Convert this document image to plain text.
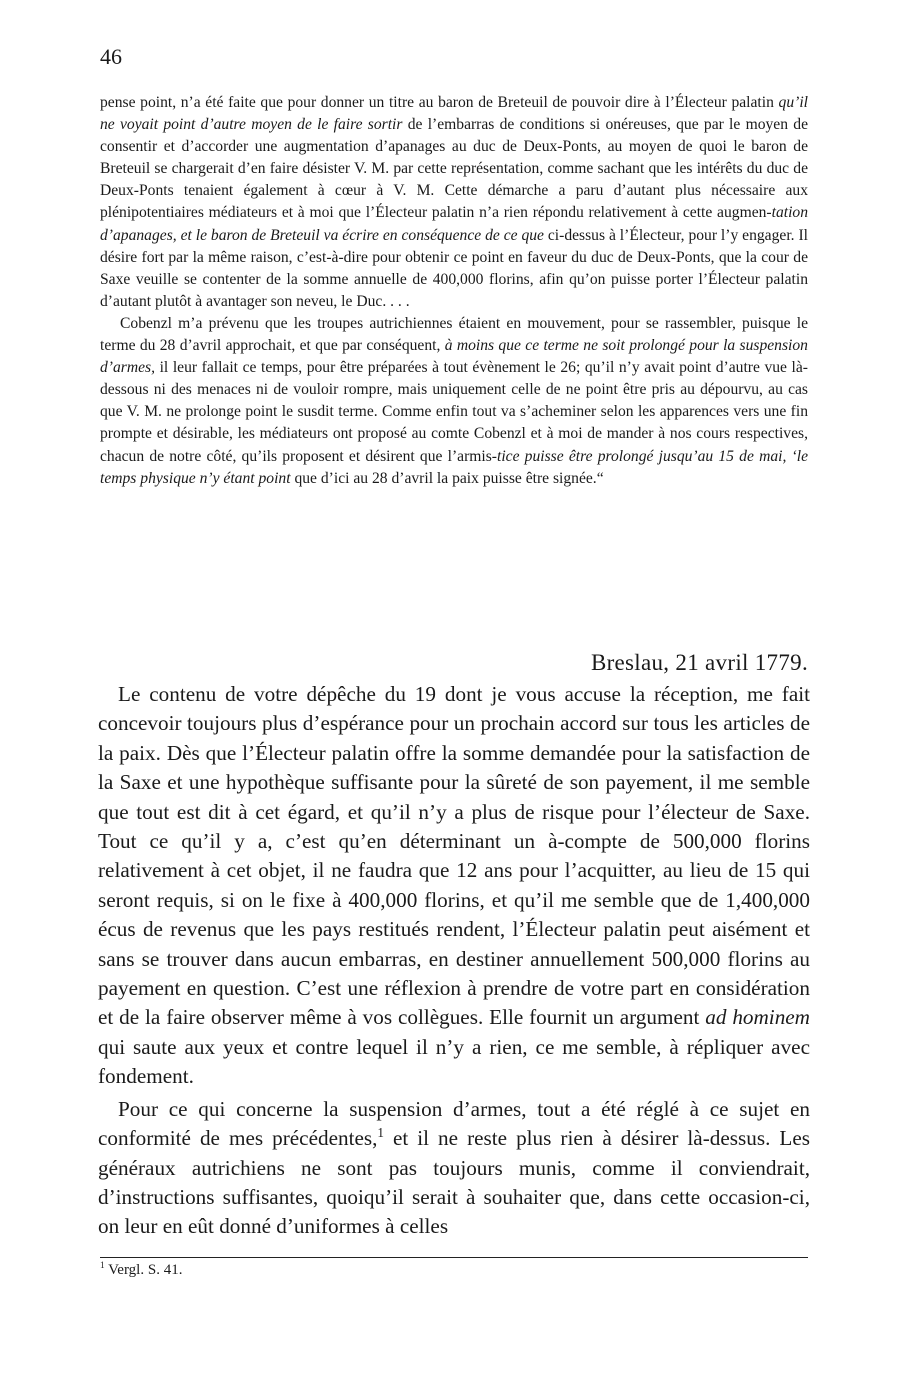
46

pense point, n’a été faite que pour donner un titre au baron de Breteuil de pouvoir dire à l’Électeur palatin qu’il ne voyait point d’autre moyen de le faire sortir de l’embarras de conditions si onéreuses, que par le moyen de consentir et d’accorder une augmentation d’apanages au duc de Deux-Ponts, au moyen de quoi le baron de Breteuil se chargerait d’en faire désister V. M. par cette représentation, comme sachant que les intérêts du duc de Deux-Ponts tenaient également à cœur à V. M. Cette démarche a paru d’autant plus nécessaire aux plénipotentiaires médiateurs et à moi que l’Électeur palatin n’a rien répondu relativement à cette augmen-tation d’apanages, et le baron de Breteuil va écrire en conséquence de ce que ci-dessus à l’Électeur, pour l’y engager. Il désire fort par la même raison, c’est-à-dire pour obtenir ce point en faveur du duc de Deux-Ponts, que la cour de Saxe veuille se contenter de la somme annuelle de 400,000 florins, afin qu’on puisse porter l’Électeur palatin d’autant plutôt à avantager son neveu, le Duc. . . .

Cobenzl m’a prévenu que les troupes autrichiennes étaient en mouvement, pour se rassembler, puisque le terme du 28 d’avril approchait, et que par conséquent, à moins que ce terme ne soit prolongé pour la suspension d’armes, il leur fallait ce temps, pour être préparées à tout évènement le 26; qu’il n’y avait point d’autre vue là-dessous ni des menaces ni de vouloir rompre, mais uniquement celle de ne point être pris au dépourvu, au cas que V. M. ne prolonge point le susdit terme. Comme enfin tout va s’acheminer selon les apparences vers une fin prompte et désirable, les médiateurs ont proposé au comte Cobenzl et à moi de mander à nos cours respectives, chacun de notre côté, qu’ils proposent et désirent que l’armis-tice puisse être prolongé jusqu’au 15 de mai, ‘le temps physique n’y étant point que d’ici au 28 d’avril la paix puisse être signée.“

Breslau, 21 avril 1779.

Le contenu de votre dépêche du 19 dont je vous accuse la réception, me fait concevoir toujours plus d’espérance pour un prochain accord sur tous les articles de la paix. Dès que l’Électeur palatin offre la somme demandée pour la satisfaction de la Saxe et une hypothèque suffisante pour la sûreté de son payement, il me semble que tout est dit à cet égard, et qu’il n’y a plus de risque pour l’électeur de Saxe. Tout ce qu’il y a, c’est qu’en déterminant un à-compte de 500,000 florins relativement à cet objet, il ne faudra que 12 ans pour l’acquitter, au lieu de 15 qui seront requis, si on le fixe à 400,000 florins, et qu’il me semble que de 1,400,000 écus de revenus que les pays restitués rendent, l’Électeur palatin peut aisément et sans se trouver dans aucun embarras, en destiner annuellement 500,000 florins au payement en question. C’est une réflexion à prendre de votre part en considération et de la faire observer même à vos collègues. Elle fournit un argument ad hominem qui saute aux yeux et contre lequel il n’y a rien, ce me semble, à répliquer avec fondement.

Pour ce qui concerne la suspension d’armes, tout a été réglé à ce sujet en conformité de mes précédentes,$^1$ et il ne reste plus rien à désirer là-dessus. Les généraux autrichiens ne sont pas toujours munis, comme il conviendrait, d’instructions suffisantes, quoiqu’il serait à souhaiter que, dans cette occasion-ci, on leur en eût donné d’uniformes à celles

$^1$ Vergl. S. 41.
